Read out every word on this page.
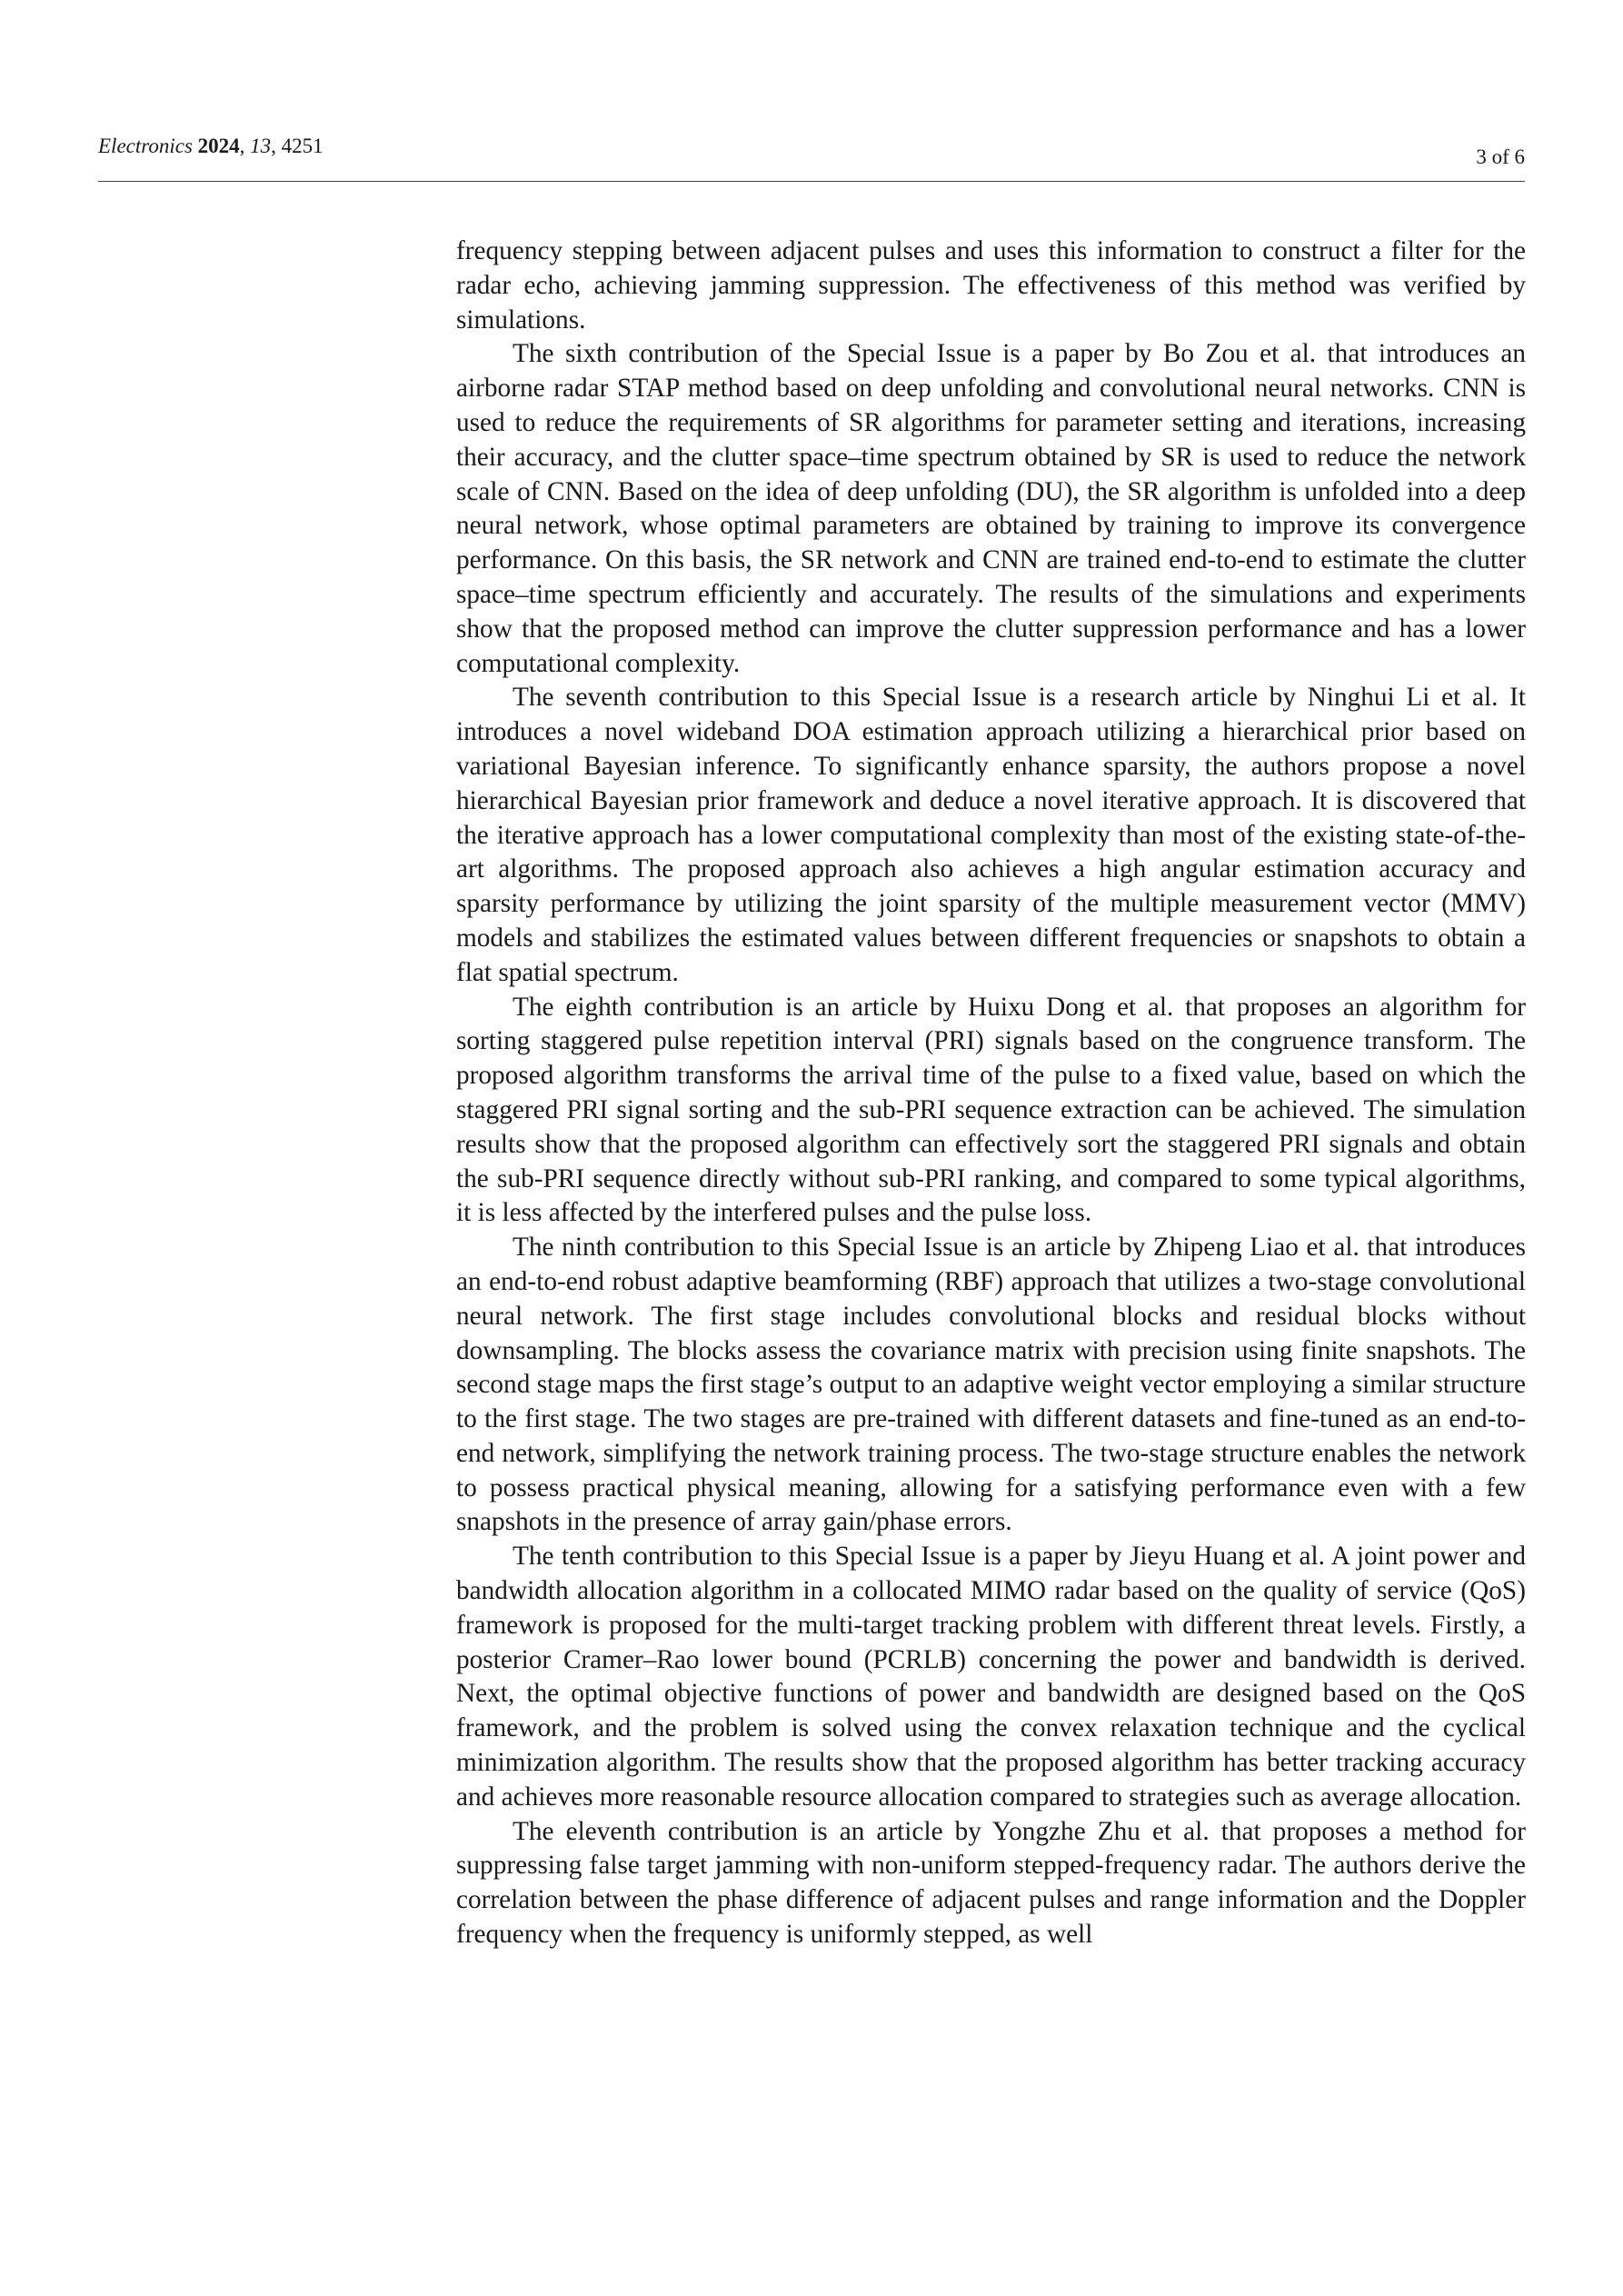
Electronics 2024, 13, 4251	3 of 6

frequency stepping between adjacent pulses and uses this information to construct a filter for the radar echo, achieving jamming suppression. The effectiveness of this method was verified by simulations.

The sixth contribution of the Special Issue is a paper by Bo Zou et al. that introduces an airborne radar STAP method based on deep unfolding and convolutional neural networks. CNN is used to reduce the requirements of SR algorithms for parameter setting and iterations, increasing their accuracy, and the clutter space–time spectrum obtained by SR is used to reduce the network scale of CNN. Based on the idea of deep unfolding (DU), the SR algorithm is unfolded into a deep neural network, whose optimal parameters are obtained by training to improve its convergence performance. On this basis, the SR network and CNN are trained end-to-end to estimate the clutter space–time spectrum efficiently and accurately. The results of the simulations and experiments show that the proposed method can improve the clutter suppression performance and has a lower computational complexity.

The seventh contribution to this Special Issue is a research article by Ninghui Li et al. It introduces a novel wideband DOA estimation approach utilizing a hierarchical prior based on variational Bayesian inference. To significantly enhance sparsity, the authors propose a novel hierarchical Bayesian prior framework and deduce a novel iterative approach. It is discovered that the iterative approach has a lower computational complexity than most of the existing state-of-the-art algorithms. The proposed approach also achieves a high angular estimation accuracy and sparsity performance by utilizing the joint sparsity of the multiple measurement vector (MMV) models and stabilizes the estimated values between different frequencies or snapshots to obtain a flat spatial spectrum.

The eighth contribution is an article by Huixu Dong et al. that proposes an algorithm for sorting staggered pulse repetition interval (PRI) signals based on the congruence transform. The proposed algorithm transforms the arrival time of the pulse to a fixed value, based on which the staggered PRI signal sorting and the sub-PRI sequence extraction can be achieved. The simulation results show that the proposed algorithm can effectively sort the staggered PRI signals and obtain the sub-PRI sequence directly without sub-PRI ranking, and compared to some typical algorithms, it is less affected by the interfered pulses and the pulse loss.

The ninth contribution to this Special Issue is an article by Zhipeng Liao et al. that introduces an end-to-end robust adaptive beamforming (RBF) approach that utilizes a two-stage convolutional neural network. The first stage includes convolutional blocks and residual blocks without downsampling. The blocks assess the covariance matrix with precision using finite snapshots. The second stage maps the first stage’s output to an adaptive weight vector employing a similar structure to the first stage. The two stages are pre-trained with different datasets and fine-tuned as an end-to-end network, simplifying the network training process. The two-stage structure enables the network to possess practical physical meaning, allowing for a satisfying performance even with a few snapshots in the presence of array gain/phase errors.

The tenth contribution to this Special Issue is a paper by Jieyu Huang et al. A joint power and bandwidth allocation algorithm in a collocated MIMO radar based on the quality of service (QoS) framework is proposed for the multi-target tracking problem with different threat levels. Firstly, a posterior Cramer–Rao lower bound (PCRLB) concerning the power and bandwidth is derived. Next, the optimal objective functions of power and bandwidth are designed based on the QoS framework, and the problem is solved using the convex relaxation technique and the cyclical minimization algorithm. The results show that the proposed algorithm has better tracking accuracy and achieves more reasonable resource allocation compared to strategies such as average allocation.

The eleventh contribution is an article by Yongzhe Zhu et al. that proposes a method for suppressing false target jamming with non-uniform stepped-frequency radar. The authors derive the correlation between the phase difference of adjacent pulses and range information and the Doppler frequency when the frequency is uniformly stepped, as well
